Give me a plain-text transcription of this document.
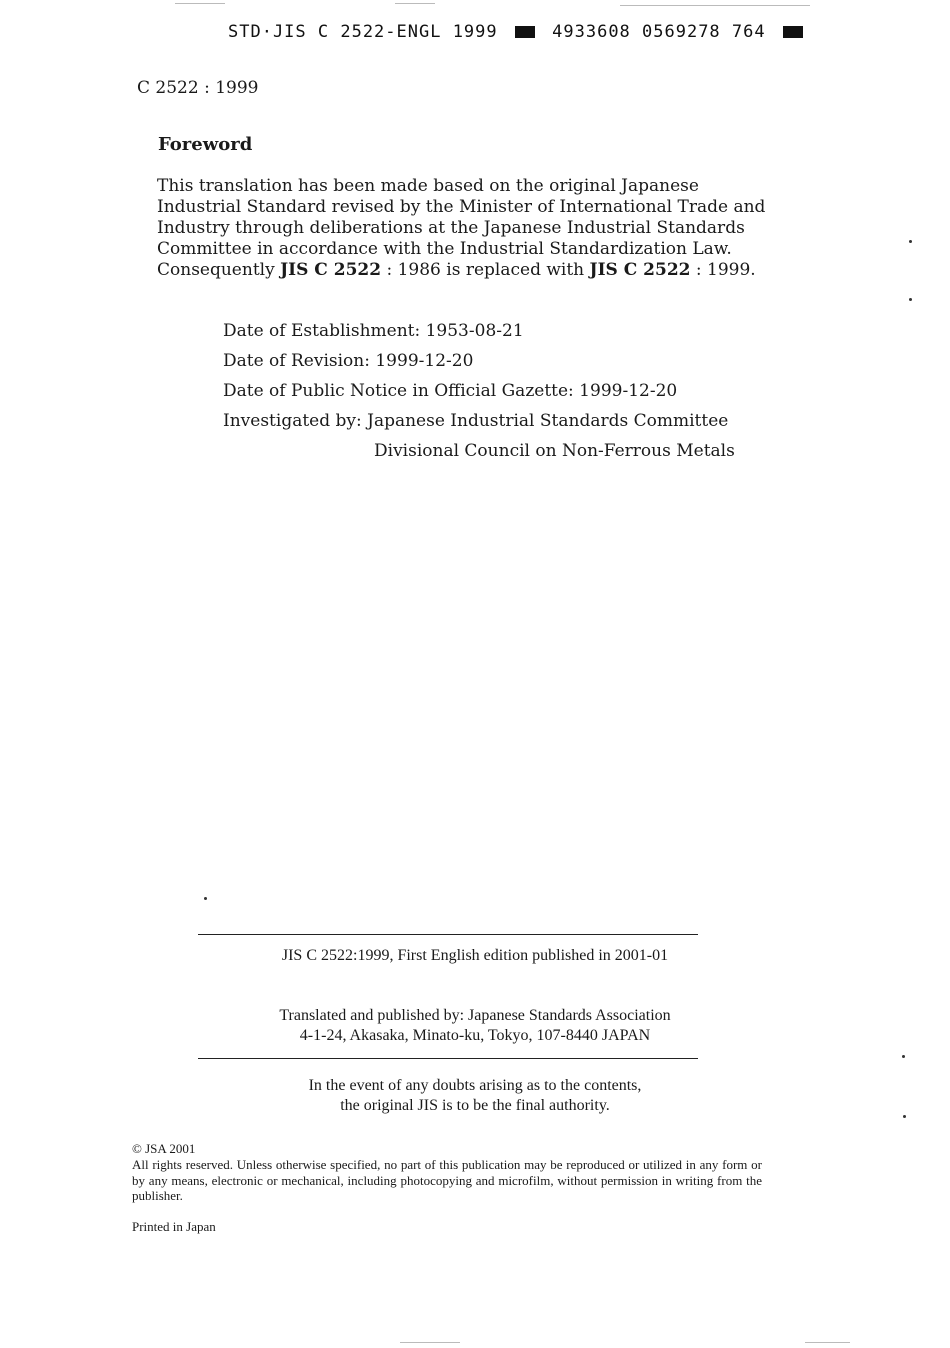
STD·JIS C 2522-ENGL 1999	4933608 0569278 764
C 2522 : 1999
Foreword
This translation has been made based on the original Japanese Industrial Standard revised by the Minister of International Trade and Industry through deliberations at the Japanese Industrial Standards Committee in accordance with the Industrial Standardization Law. Consequently JIS C 2522 : 1986 is replaced with JIS C 2522 : 1999.
Date of Establishment: 1953-08-21
Date of Revision: 1999-12-20
Date of Public Notice in Official Gazette: 1999-12-20
Investigated by: Japanese Industrial Standards Committee
Divisional Council on Non-Ferrous Metals
JIS C 2522:1999, First English edition published in 2001-01
Translated and published by: Japanese Standards Association
4-1-24, Akasaka, Minato-ku, Tokyo, 107-8440 JAPAN
In the event of any doubts arising as to the contents,
the original JIS is to be the final authority.
© JSA 2001
All rights reserved. Unless otherwise specified, no part of this publication may be reproduced or utilized in any form or by any means, electronic or mechanical, including photocopying and microfilm, without permission in writing from the publisher.
Printed in Japan
